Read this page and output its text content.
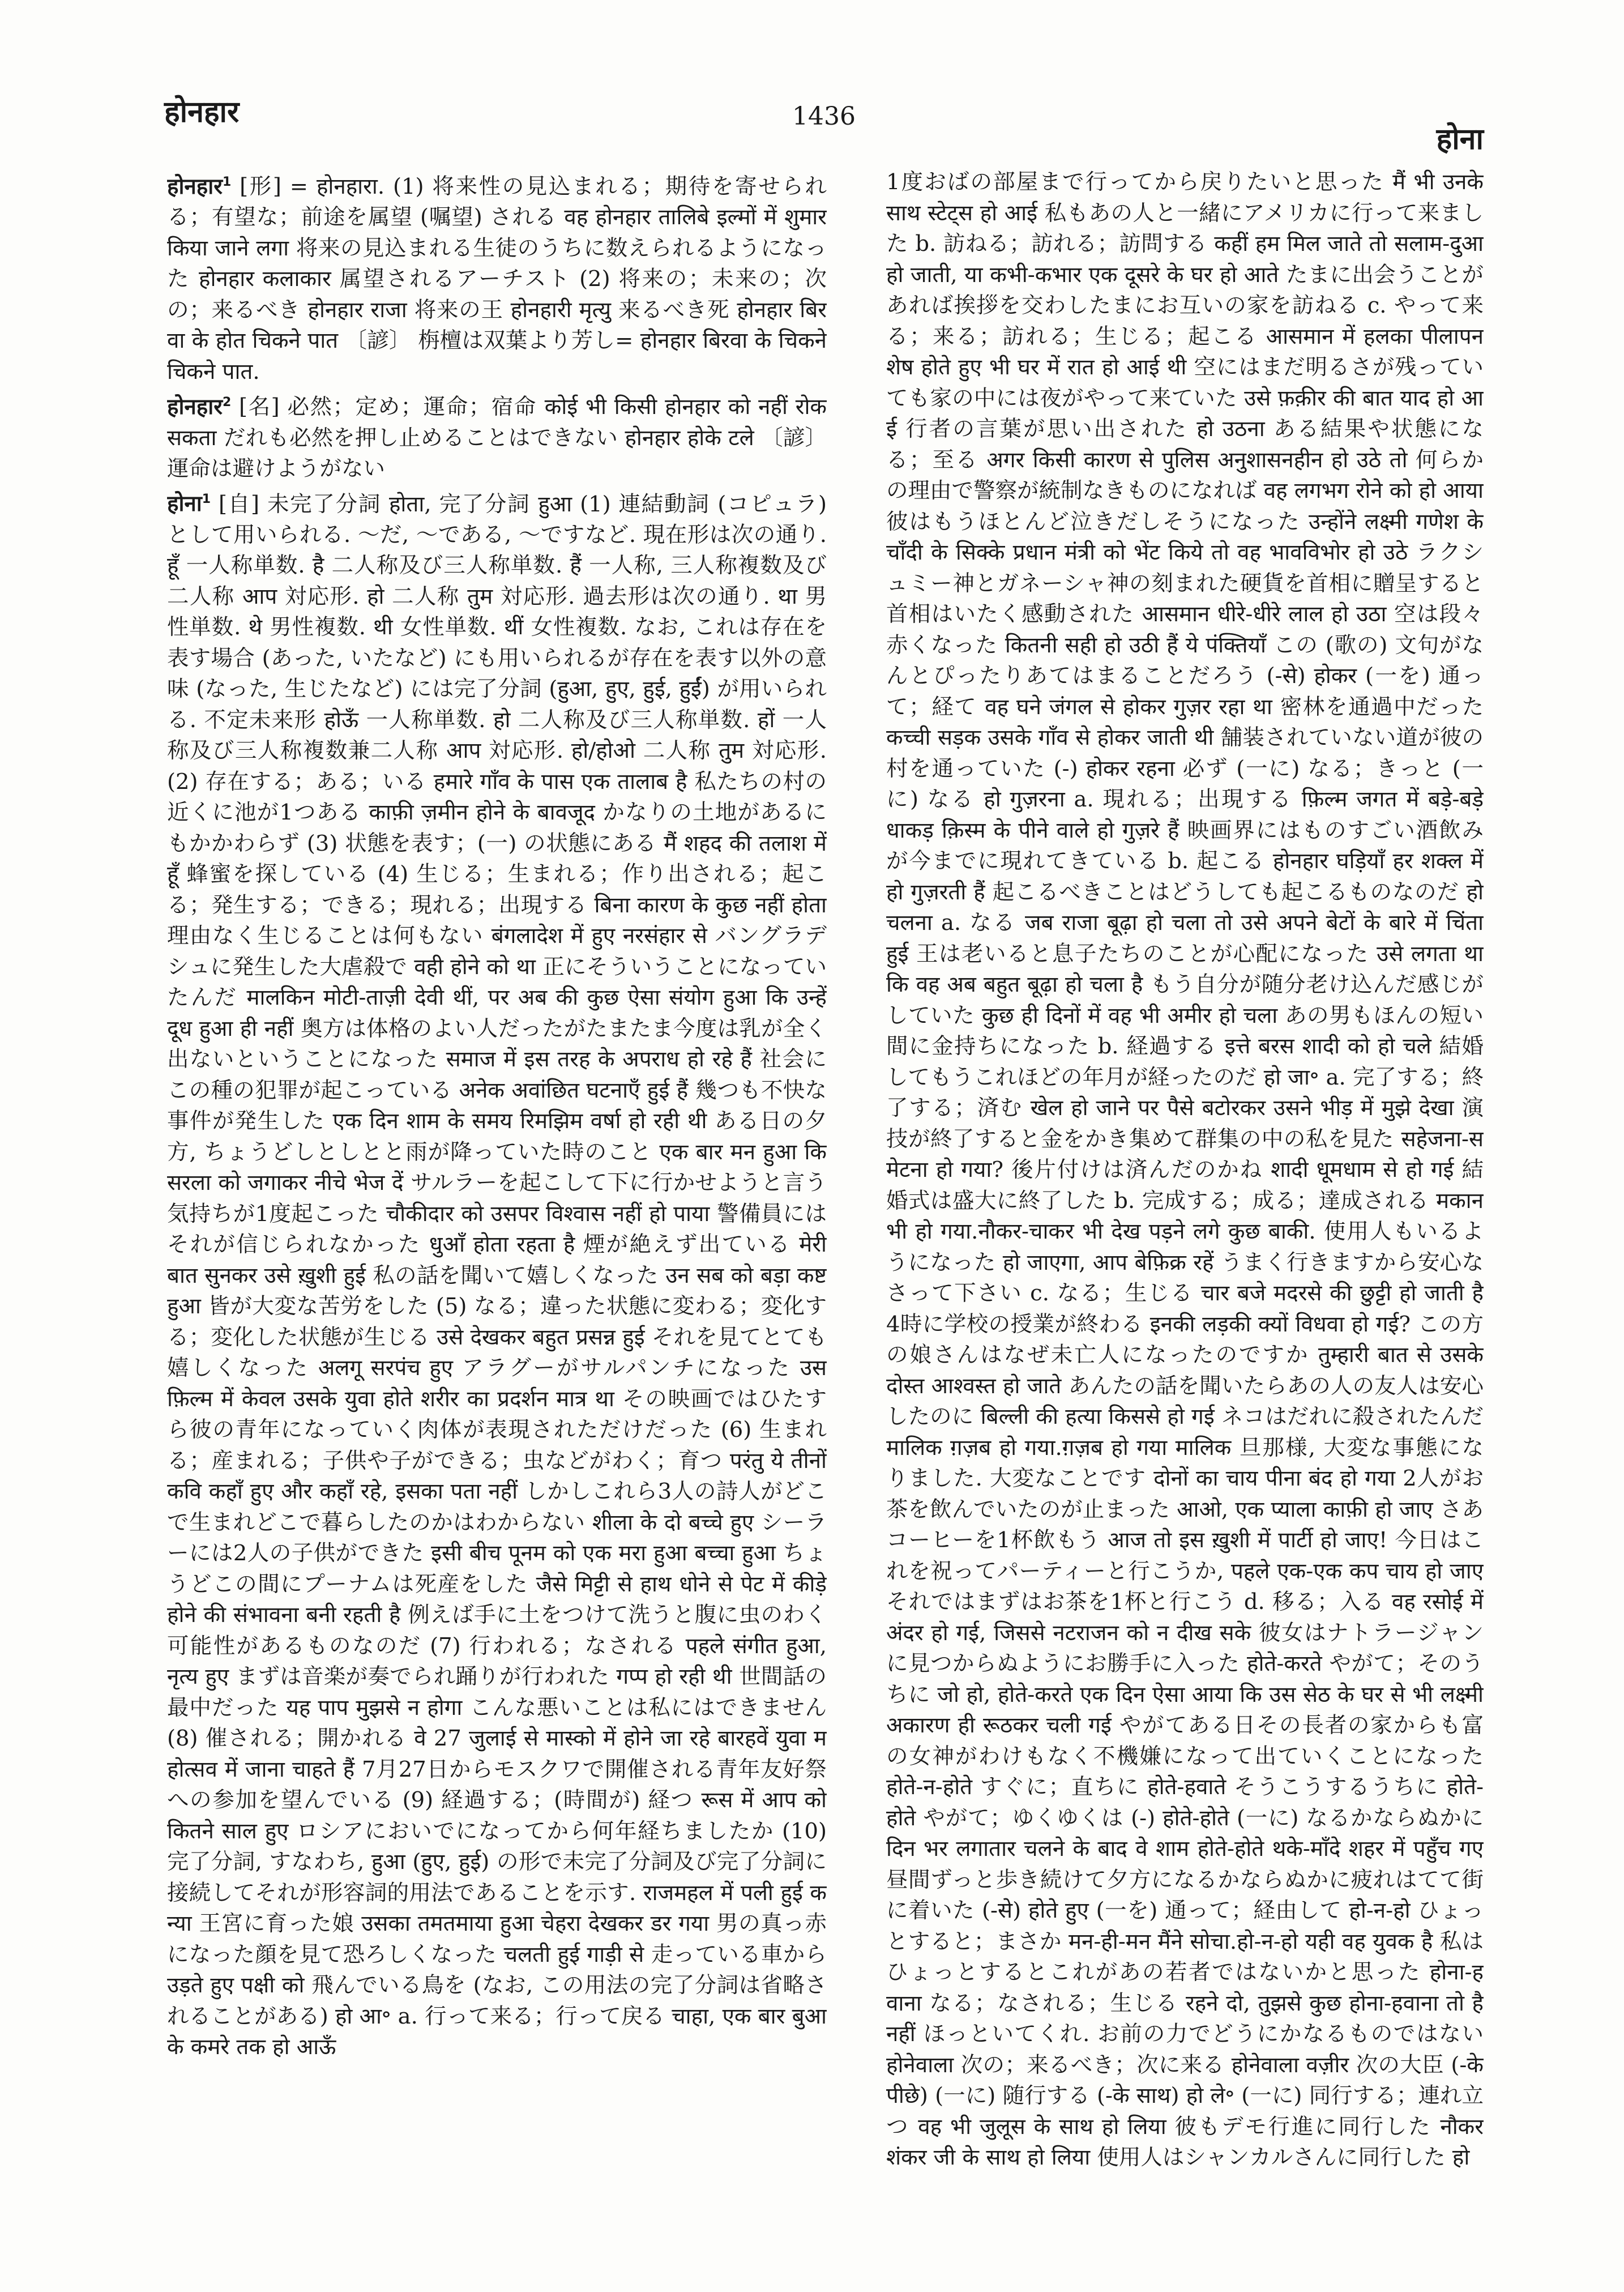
होनहार	1436
होना

होनहार$^1$ [形] = होनहारा. (1) 将来性の見込まれる；期待を寄せられる；有望な；前途を属望 (嘱望) される वह होनहार तालिबे इल्मों में शुमार किया जाने लगा 将来の見込まれる生徒のうちに数えられるようになった होनहार कलाकार 属望されるアーチスト (2) 将来の；未来の；次の；来るべき होनहार राजा 将来の王 होनहारी मृत्यु 来るべき死 होनहार बिरवा के होत चिकने पात 〔諺〕 栴檀は双葉より芳し= होनहार बिरवा के चिकने चिकने पात.

होनहार$^2$ [名] 必然；定め；運命；宿命 कोई भी किसी होनहार को नहीं रोक सकता だれも必然を押し止めることはできない होनहार होके टले 〔諺〕 運命は避けようがない

होना$^1$ [自] 未完了分詞 होता, 完了分詞 हुआ (1) 連結動詞 (コピュラ) として用いられる. ～だ, ～である, ～ですなど. 現在形は次の通り. हूँ 一人称単数. है 二人称及び三人称単数. हैं 一人称, 三人称複数及び二人称 आप 対応形. हो 二人称 तुम 対応形. 過去形は次の通り. था 男性単数. थे 男性複数. थी 女性単数. थीं 女性複数. なお, これは存在を表す場合 (あった, いたなど) にも用いられるが存在を表す以外の意味 (なった, 生じたなど) には完了分詞 (हुआ, हुए, हुई, हुईं) が用いられる. 不定未来形 होऊँ 一人称単数. हो 二人称及び三人称単数. हों 一人称及び三人称複数兼二人称 आप 対応形. हो/होओ 二人称 तुम 対応形. (2) 存在する；ある；いる हमारे गाँव के पास एक तालाब है 私たちの村の近くに池が1つある काफ़ी ज़मीन होने के बावजूद かなりの土地があるにもかかわらず (3) 状態を表す；(一) の状態にある मैं शहद की तलाश में हूँ 蜂蜜を探している (4) 生じる；生まれる；作り出される；起こる；発生する；できる；現れる；出現する बिना कारण के कुछ नहीं होता 理由なく生じることは何もない बंगलादेश में हुए नरसंहार से バングラデシュに発生した大虐殺で वही होने को था 正にそういうことになっていたんだ मालकिन मोटी-ताज़ी देवी थीं, पर अब की कुछ ऐसा संयोग हुआ कि उन्हें दूध हुआ ही नहीं 奥方は体格のよい人だったがたまたま今度は乳が全く出ないということになった समाज में इस तरह के अपराध हो रहे हैं 社会にこの種の犯罪が起こっている अनेक अवांछित घटनाएँ हुई हैं 幾つも不快な事件が発生した एक दिन शाम के समय रिमझिम वर्षा हो रही थी ある日の夕方, ちょうどしとしとと雨が降っていた時のこと एक बार मन हुआ कि सरला को जगाकर नीचे भेज दें サルラーを起こして下に行かせようと言う気持ちが1度起こった चौकीदार को उसपर विश्वास नहीं हो पाया 警備員にはそれが信じられなかった धुआँ होता रहता है 煙が絶えず出ている मेरी बात सुनकर उसे ख़ुशी हुई 私の話を聞いて嬉しくなった उन सब को बड़ा कष्ट हुआ 皆が大変な苦労をした (5) なる；違った状態に変わる；変化する；変化した状態が生じる उसे देखकर बहुत प्रसन्न हुई それを見てとても嬉しくなった अलगू सरपंच हुए アラグーがサルパンチになった उस फ़िल्म में केवल उसके युवा होते शरीर का प्रदर्शन मात्र था その映画ではひたすら彼の青年になっていく肉体が表現されただけだった (6) 生まれる；産まれる；子供や子ができる；虫などがわく；育つ परंतु ये तीनों कवि कहाँ हुए और कहाँ रहे, इसका पता नहीं しかしこれら3人の詩人がどこで生まれどこで暮らしたのかはわからない शीला के दो बच्चे हुए シーラーには2人の子供ができた इसी बीच पूनम को एक मरा हुआ बच्चा हुआ ちょうどこの間にプーナムは死産をした जैसे मिट्टी से हाथ धोने से पेट में कीड़े होने की संभावना बनी रहती है 例えば手に土をつけて洗うと腹に虫のわく可能性があるものなのだ (7) 行われる；なされる पहले संगीत हुआ, नृत्य हुए まずは音楽が奏でられ踊りが行われた गप्प हो रही थी 世間話の最中だった यह पाप मुझसे न होगा こんな悪いことは私にはできません (8) 催される；開かれる वे 27 जुलाई से मास्को में होने जा रहे बारहवें युवा महोत्सव में जाना चाहते हैं 7月27日からモスクワで開催される青年友好祭への参加を望んでいる (9) 経過する；(時間が) 経つ रूस में आप को कितने साल हुए ロシアにおいでになってから何年経ちましたか (10) 完了分詞, すなわち, हुआ (हुए, हुई) の形で未完了分詞及び完了分詞に接続してそれが形容詞的用法であることを示す. राजमहल में पली हुई कन्या 王宮に育った娘 उसका तमतमाया हुआ चेहरा देखकर डर गया 男の真っ赤になった顔を見て恐ろしくなった चलती हुई गाड़ी से 走っている車から उड़ते हुए पक्षी को 飛んでいる鳥を (なお, この用法の完了分詞は省略されることがある) हो आ॰ a. 行って来る；行って戻る चाहा, एक बार बुआ के कमरे तक हो आऊँ

1度おばの部屋まで行ってから戻りたいと思った मैं भी उनके साथ स्टेट्स हो आई 私もあの人と一緒にアメリカに行って来ました b. 訪ねる；訪れる；訪問する कहीं हम मिल जाते तो सलाम-दुआ हो जाती, या कभी-कभार एक दूसरे के घर हो आते たまに出会うことがあれば挨拶を交わしたまにお互いの家を訪ねる c. やって来る；来る；訪れる；生じる；起こる आसमान में हलका पीलापन शेष होते हुए भी घर में रात हो आई थी 空にはまだ明るさが残っていても家の中には夜がやって来ていた उसे फ़क़ीर की बात याद हो आई 行者の言葉が思い出された हो उठना ある結果や状態になる；至る अगर किसी कारण से पुलिस अनुशासनहीन हो उठे तो 何らかの理由で警察が統制なきものになれば वह लगभग रोने को हो आया 彼はもうほとんど泣きだしそうになった उन्होंने लक्ष्मी गणेश के चाँदी के सिक्के प्रधान मंत्री को भेंट किये तो वह भावविभोर हो उठे ラクシュミー神とガネーシャ神の刻まれた硬貨を首相に贈呈すると首相はいたく感動された आसमान धीरे-धीरे लाल हो उठा 空は段々赤くなった कितनी सही हो उठी हैं ये पंक्तियाँ この (歌の) 文句がなんとぴったりあてはまることだろう (-से) होकर (一を) 通って；経て वह घने जंगल से होकर गुज़र रहा था 密林を通過中だった कच्ची सड़क उसके गाँव से होकर जाती थी 舗装されていない道が彼の村を通っていた (-) होकर रहना 必ず (一に) なる；きっと (一に) なる हो गुज़रना a. 現れる；出現する फ़िल्म जगत में बड़े-बड़े धाकड़ क़िस्म के पीने वाले हो गुज़रे हैं 映画界にはものすごい酒飲みが今までに現れてきている b. 起こる होनहार घड़ियाँ हर शक्ल में हो गुज़रती हैं 起こるべきことはどうしても起こるものなのだ हो चलना a. なる जब राजा बूढ़ा हो चला तो उसे अपने बेटों के बारे में चिंता हुई 王は老いると息子たちのことが心配になった उसे लगता था कि वह अब बहुत बूढ़ा हो चला है もう自分が随分老け込んだ感じがしていた कुछ ही दिनों में वह भी अमीर हो चला あの男もほんの短い間に金持ちになった b. 経過する इत्ते बरस शादी को हो चले 結婚してもうこれほどの年月が経ったのだ हो जा॰ a. 完了する；終了する；済む खेल हो जाने पर पैसे बटोरकर उसने भीड़ में मुझे देखा 演技が終了すると金をかき集めて群集の中の私を見た सहेजना-समेटना हो गया? 後片付けは済んだのかね शादी धूमधाम से हो गई 結婚式は盛大に終了した b. 完成する；成る；達成される मकान भी हो गया.नौकर-चाकर भी देख पड़ने लगे कुछ बाकी. 使用人もいるようになった हो जाएगा, आप बेफ़िक्र रहें うまく行きますから安心なさって下さい c. なる；生じる चार बजे मदरसे की छुट्टी हो जाती है 4時に学校の授業が終わる इनकी लड़की क्यों विधवा हो गई? この方の娘さんはなぜ未亡人になったのですか तुम्हारी बात से उसके दोस्त आश्वस्त हो जाते あんたの話を聞いたらあの人の友人は安心したのに बिल्ली की हत्या किससे हो गई ネコはだれに殺されたんだ मालिक ग़ज़ब हो गया.ग़ज़ब हो गया मालिक 旦那様, 大変な事態になりました. 大変なことです दोनों का चाय पीना बंद हो गया 2人がお茶を飲んでいたのが止まった आओ, एक प्याला काफ़ी हो जाए さあコーヒーを1杯飲もう आज तो इस ख़ुशी में पार्टी हो जाए! 今日はこれを祝ってパーティーと行こうか, पहले एक-एक कप चाय हो जाए それではまずはお茶を1杯と行こう d. 移る；入る वह रसोई में अंदर हो गई, जिससे नटराजन को न दीख सके 彼女はナトラージャンに見つからぬようにお勝手に入った होते-करते やがて；そのうちに जो हो, होते-करते एक दिन ऐसा आया कि उस सेठ के घर से भी लक्ष्मी अकारण ही रूठकर चली गई やがてある日その長者の家からも富の女神がわけもなく不機嫌になって出ていくことになった होते-न-होते すぐに；直ちに होते-हवाते そうこうするうちに होते-होते やがて；ゆくゆくは (-) होते-होते (一に) なるかならぬかに दिन भर लगातार चलने के बाद वे शाम होते-होते थके-माँदे शहर में पहुँच गए 昼間ずっと歩き続けて夕方になるかならぬかに疲れはてて街に着いた (-से) होते हुए (一を) 通って；経由して हो-न-हो ひょっとすると；まさか मन-ही-मन मैंने सोचा.हो-न-हो यही वह युवक है 私はひょっとするとこれがあの若者ではないかと思った होना-हवाना なる；なされる；生じる रहने दो, तुझसे कुछ होना-हवाना तो है नहीं ほっといてくれ. お前の力でどうにかなるものではない होनेवाला 次の；来るべき；次に来る होनेवाला वज़ीर 次の大臣 (-के पीछे) (一に) 随行する (-के साथ) हो ले॰ (一に) 同行する；連れ立つ वह भी जुलूस के साथ हो लिया 彼もデモ行進に同行した नौकर शंकर जी के साथ हो लिया 使用人はシャンカルさんに同行した हो
